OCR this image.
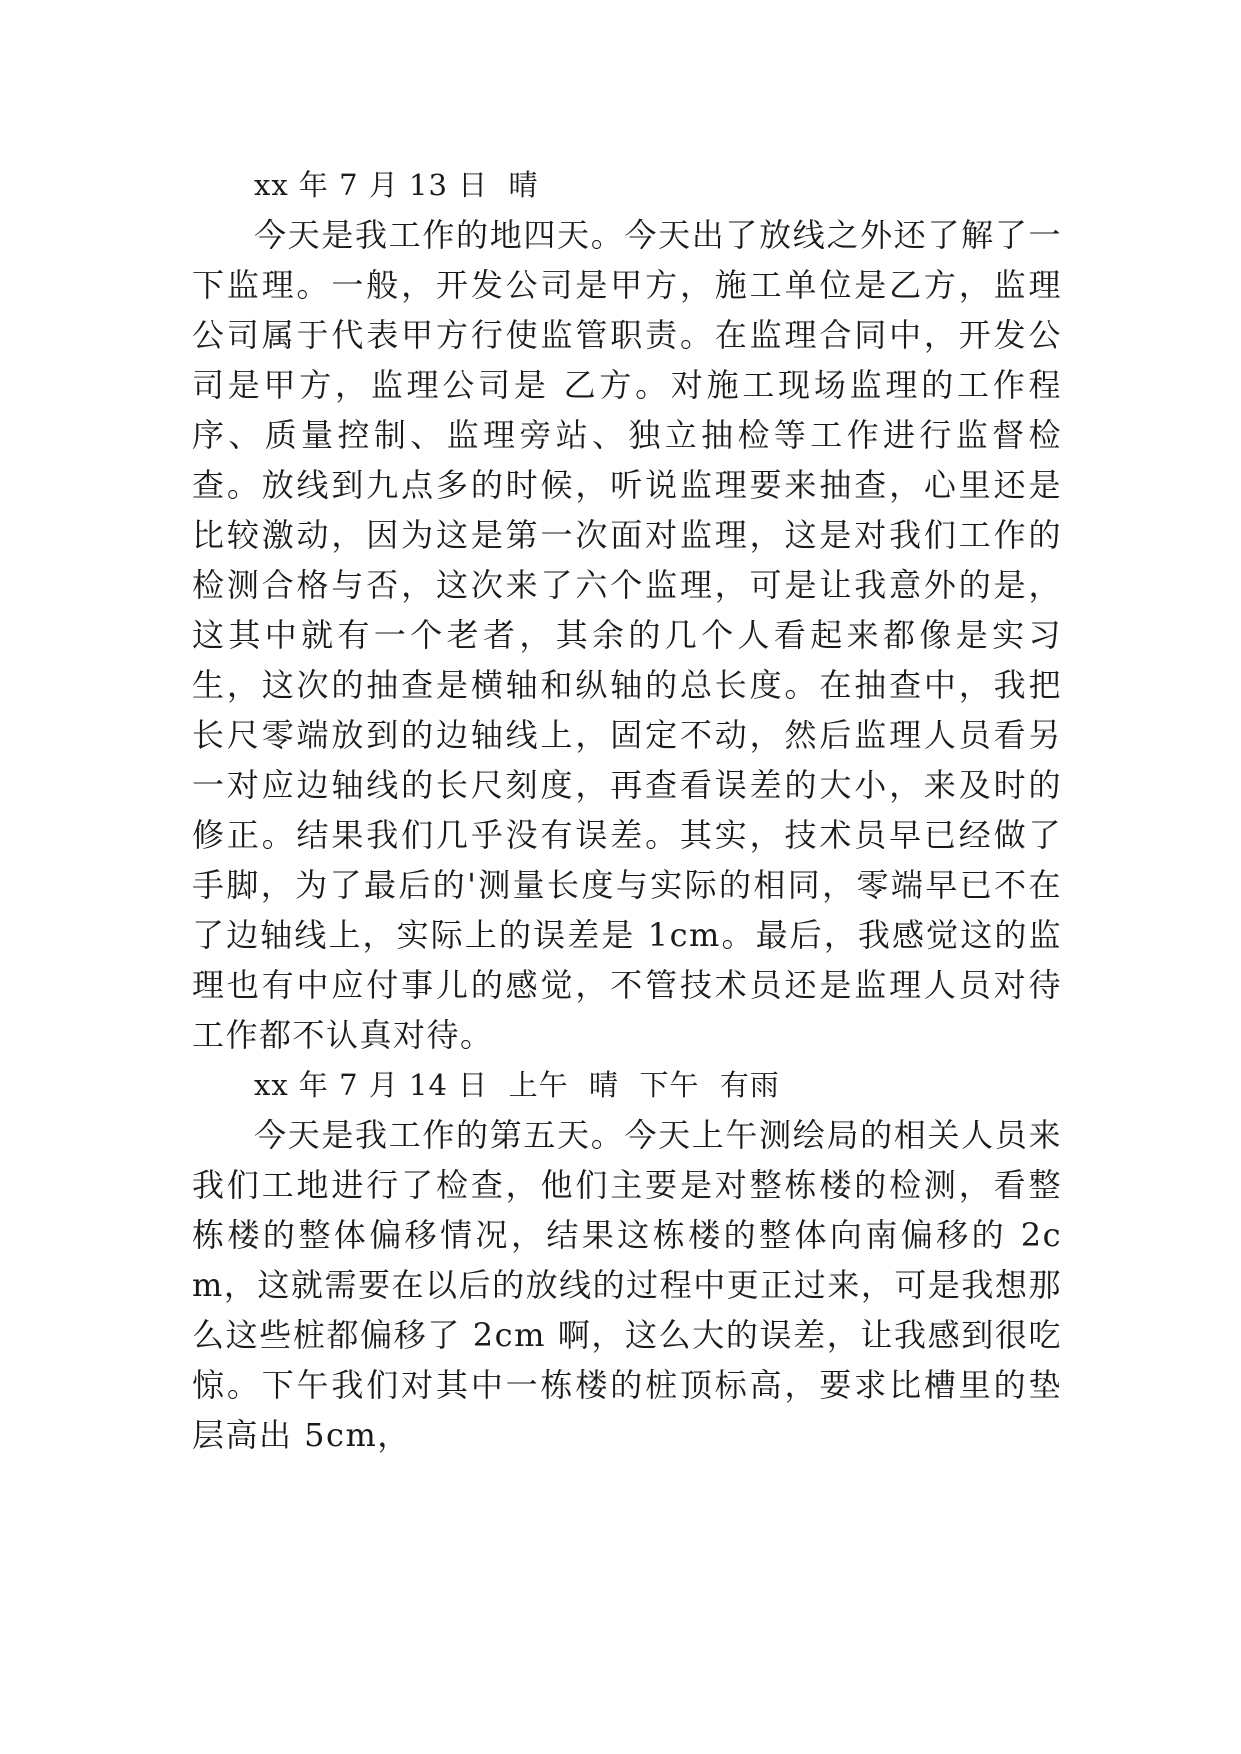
xx 年 7 月 13 日  晴

今天是我工作的地四天。今天出了放线之外还了解了一下监理。一般，开发公司是甲方，施工单位是乙方，监理公司属于代表甲方行使监管职责。在监理合同中，开发公司是甲方，监理公司是 乙方。对施工现场监理的工作程序、质量控制、监理旁站、独立抽检等工作进行监督检查。放线到九点多的时候，听说监理要来抽查，心里还是比较激动，因为这是第一次面对监理，这是对我们工作的检测合格与否，这次来了六个监理，可是让我意外的是，这其中就有一个老者，其余的几个人看起来都像是实习生，这次的抽查是横轴和纵轴的总长度。在抽查中，我把长尺零端放到的边轴线上，固定不动，然后监理人员看另一对应边轴线的长尺刻度，再查看误差的大小，来及时的修正。结果我们几乎没有误差。其实，技术员早已经做了手脚，为了最后的'测量长度与实际的相同，零端早已不在了边轴线上，实际上的误差是 1cm。最后，我感觉这的监理也有中应付事儿的感觉，不管技术员还是监理人员对待工作都不认真对待。

xx 年 7 月 14 日  上午  晴  下午  有雨

今天是我工作的第五天。今天上午测绘局的相关人员来我们工地进行了检查，他们主要是对整栋楼的检测，看整栋楼的整体偏移情况，结果这栋楼的整体向南偏移的 2cm，这就需要在以后的放线的过程中更正过来，可是我想那么这些桩都偏移了 2cm 啊，这么大的误差，让我感到很吃惊。下午我们对其中一栋楼的桩顶标高，要求比槽里的垫层高出 5cm，
